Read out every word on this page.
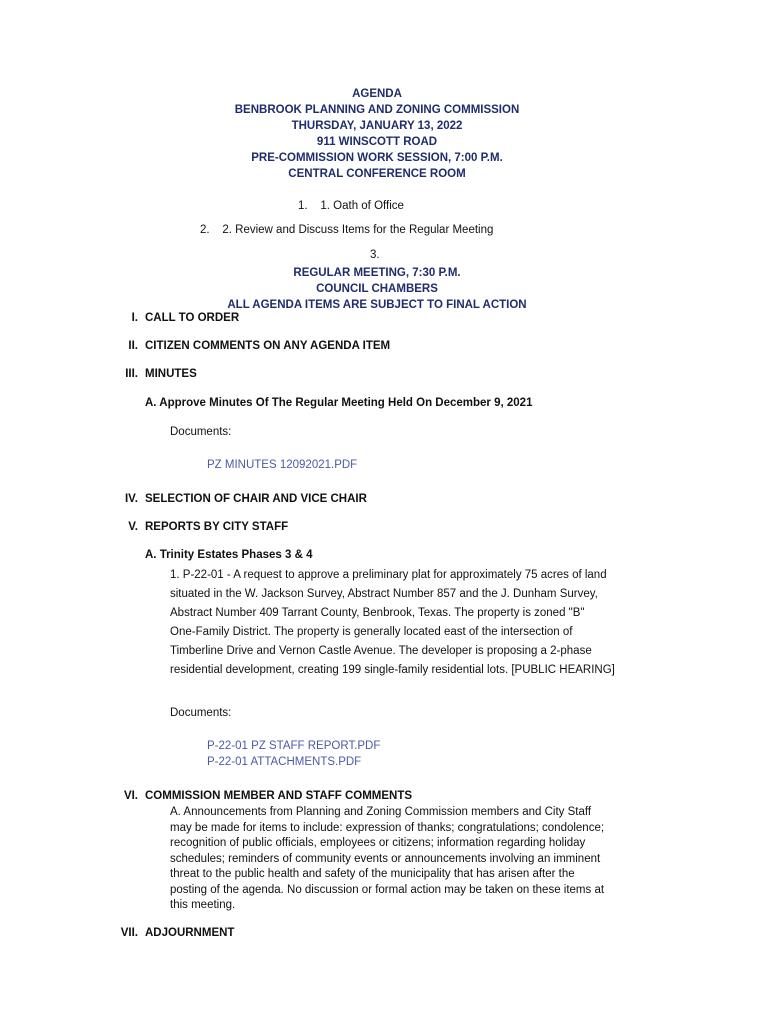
AGENDA
BENBROOK PLANNING AND ZONING COMMISSION
THURSDAY, JANUARY 13, 2022
911 WINSCOTT ROAD
PRE-COMMISSION WORK SESSION, 7:00 P.M.
CENTRAL CONFERENCE ROOM
1. 1. Oath of Office
2. 2. Review and Discuss Items for the Regular Meeting
3.
REGULAR MEETING, 7:30 P.M.
COUNCIL CHAMBERS
ALL AGENDA ITEMS ARE SUBJECT TO FINAL ACTION
I. CALL TO ORDER
II. CITIZEN COMMENTS ON ANY AGENDA ITEM
III. MINUTES
A. Approve Minutes Of The Regular Meeting Held On December 9, 2021
Documents:
PZ MINUTES 12092021.PDF
IV. SELECTION OF CHAIR AND VICE CHAIR
V. REPORTS BY CITY STAFF
A. Trinity Estates Phases 3 & 4
1. P-22-01 - A request to approve a preliminary plat for approximately 75 acres of land
situated in the W. Jackson Survey, Abstract Number 857 and the J. Dunham Survey,
Abstract Number 409 Tarrant County, Benbrook, Texas. The property is zoned "B"
One-Family District. The property is generally located east of the intersection of
Timberline Drive and Vernon Castle Avenue. The developer is proposing a 2-phase
residential development, creating 199 single-family residential lots. [PUBLIC HEARING]
Documents:
P-22-01 PZ STAFF REPORT.PDF
P-22-01 ATTACHMENTS.PDF
VI. COMMISSION MEMBER AND STAFF COMMENTS
A. Announcements from Planning and Zoning Commission members and City Staff
may be made for items to include: expression of thanks; congratulations; condolence;
recognition of public officials, employees or citizens; information regarding holiday
schedules; reminders of community events or announcements involving an imminent
threat to the public health and safety of the municipality that has arisen after the
posting of the agenda. No discussion or formal action may be taken on these items at
this meeting.
VII. ADJOURNMENT
